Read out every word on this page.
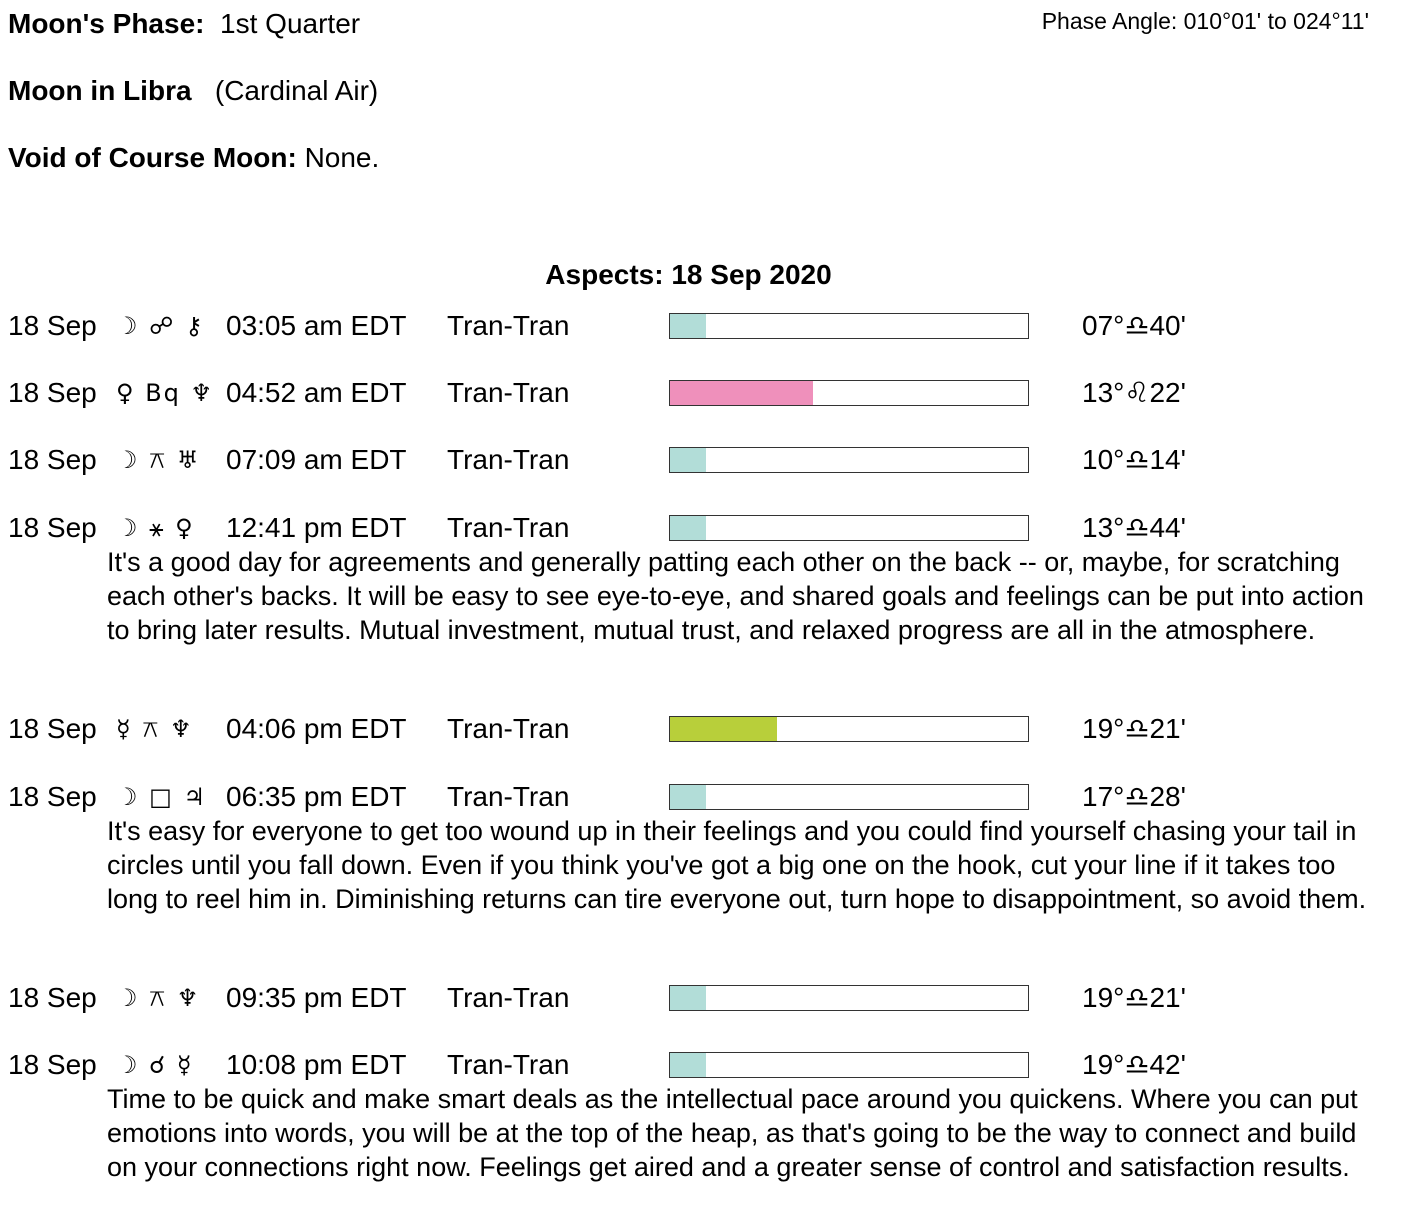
Moon's Phase: 1st Quarter	Phase Angle: 010°01' to 024°11'
Moon in Libra (Cardinal Air)
Void of Course Moon: None.
Aspects: 18 Sep 2020
18 Sep ☽ ☍ ⚷ 03:05 am EDT Tran-Tran	07°♎40'
18 Sep ♀ Bq ♆ 04:52 am EDT Tran-Tran	13°♌22'
18 Sep ☽ ⚻ ♅ 07:09 am EDT Tran-Tran	10°♎14'
18 Sep ☽ ⚹ ♀ 12:41 pm EDT Tran-Tran	13°♎44'
It's a good day for agreements and generally patting each other on the back -- or, maybe, for scratching each other's backs. It will be easy to see eye-to-eye, and shared goals and feelings can be put into action to bring later results. Mutual investment, mutual trust, and relaxed progress are all in the atmosphere.
18 Sep ☿ ⚻ ♆ 04:06 pm EDT Tran-Tran	19°♎21'
18 Sep ☽ □ ♃ 06:35 pm EDT Tran-Tran	17°♎28'
It's easy for everyone to get too wound up in their feelings and you could find yourself chasing your tail in circles until you fall down. Even if you think you've got a big one on the hook, cut your line if it takes too long to reel him in. Diminishing returns can tire everyone out, turn hope to disappointment, so avoid them.
18 Sep ☽ ⚻ ♆ 09:35 pm EDT Tran-Tran	19°♎21'
18 Sep ☽ ☌ ☿ 10:08 pm EDT Tran-Tran	19°♎42'
Time to be quick and make smart deals as the intellectual pace around you quickens. Where you can put emotions into words, you will be at the top of the heap, as that's going to be the way to connect and build on your connections right now. Feelings get aired and a greater sense of control and satisfaction results.
